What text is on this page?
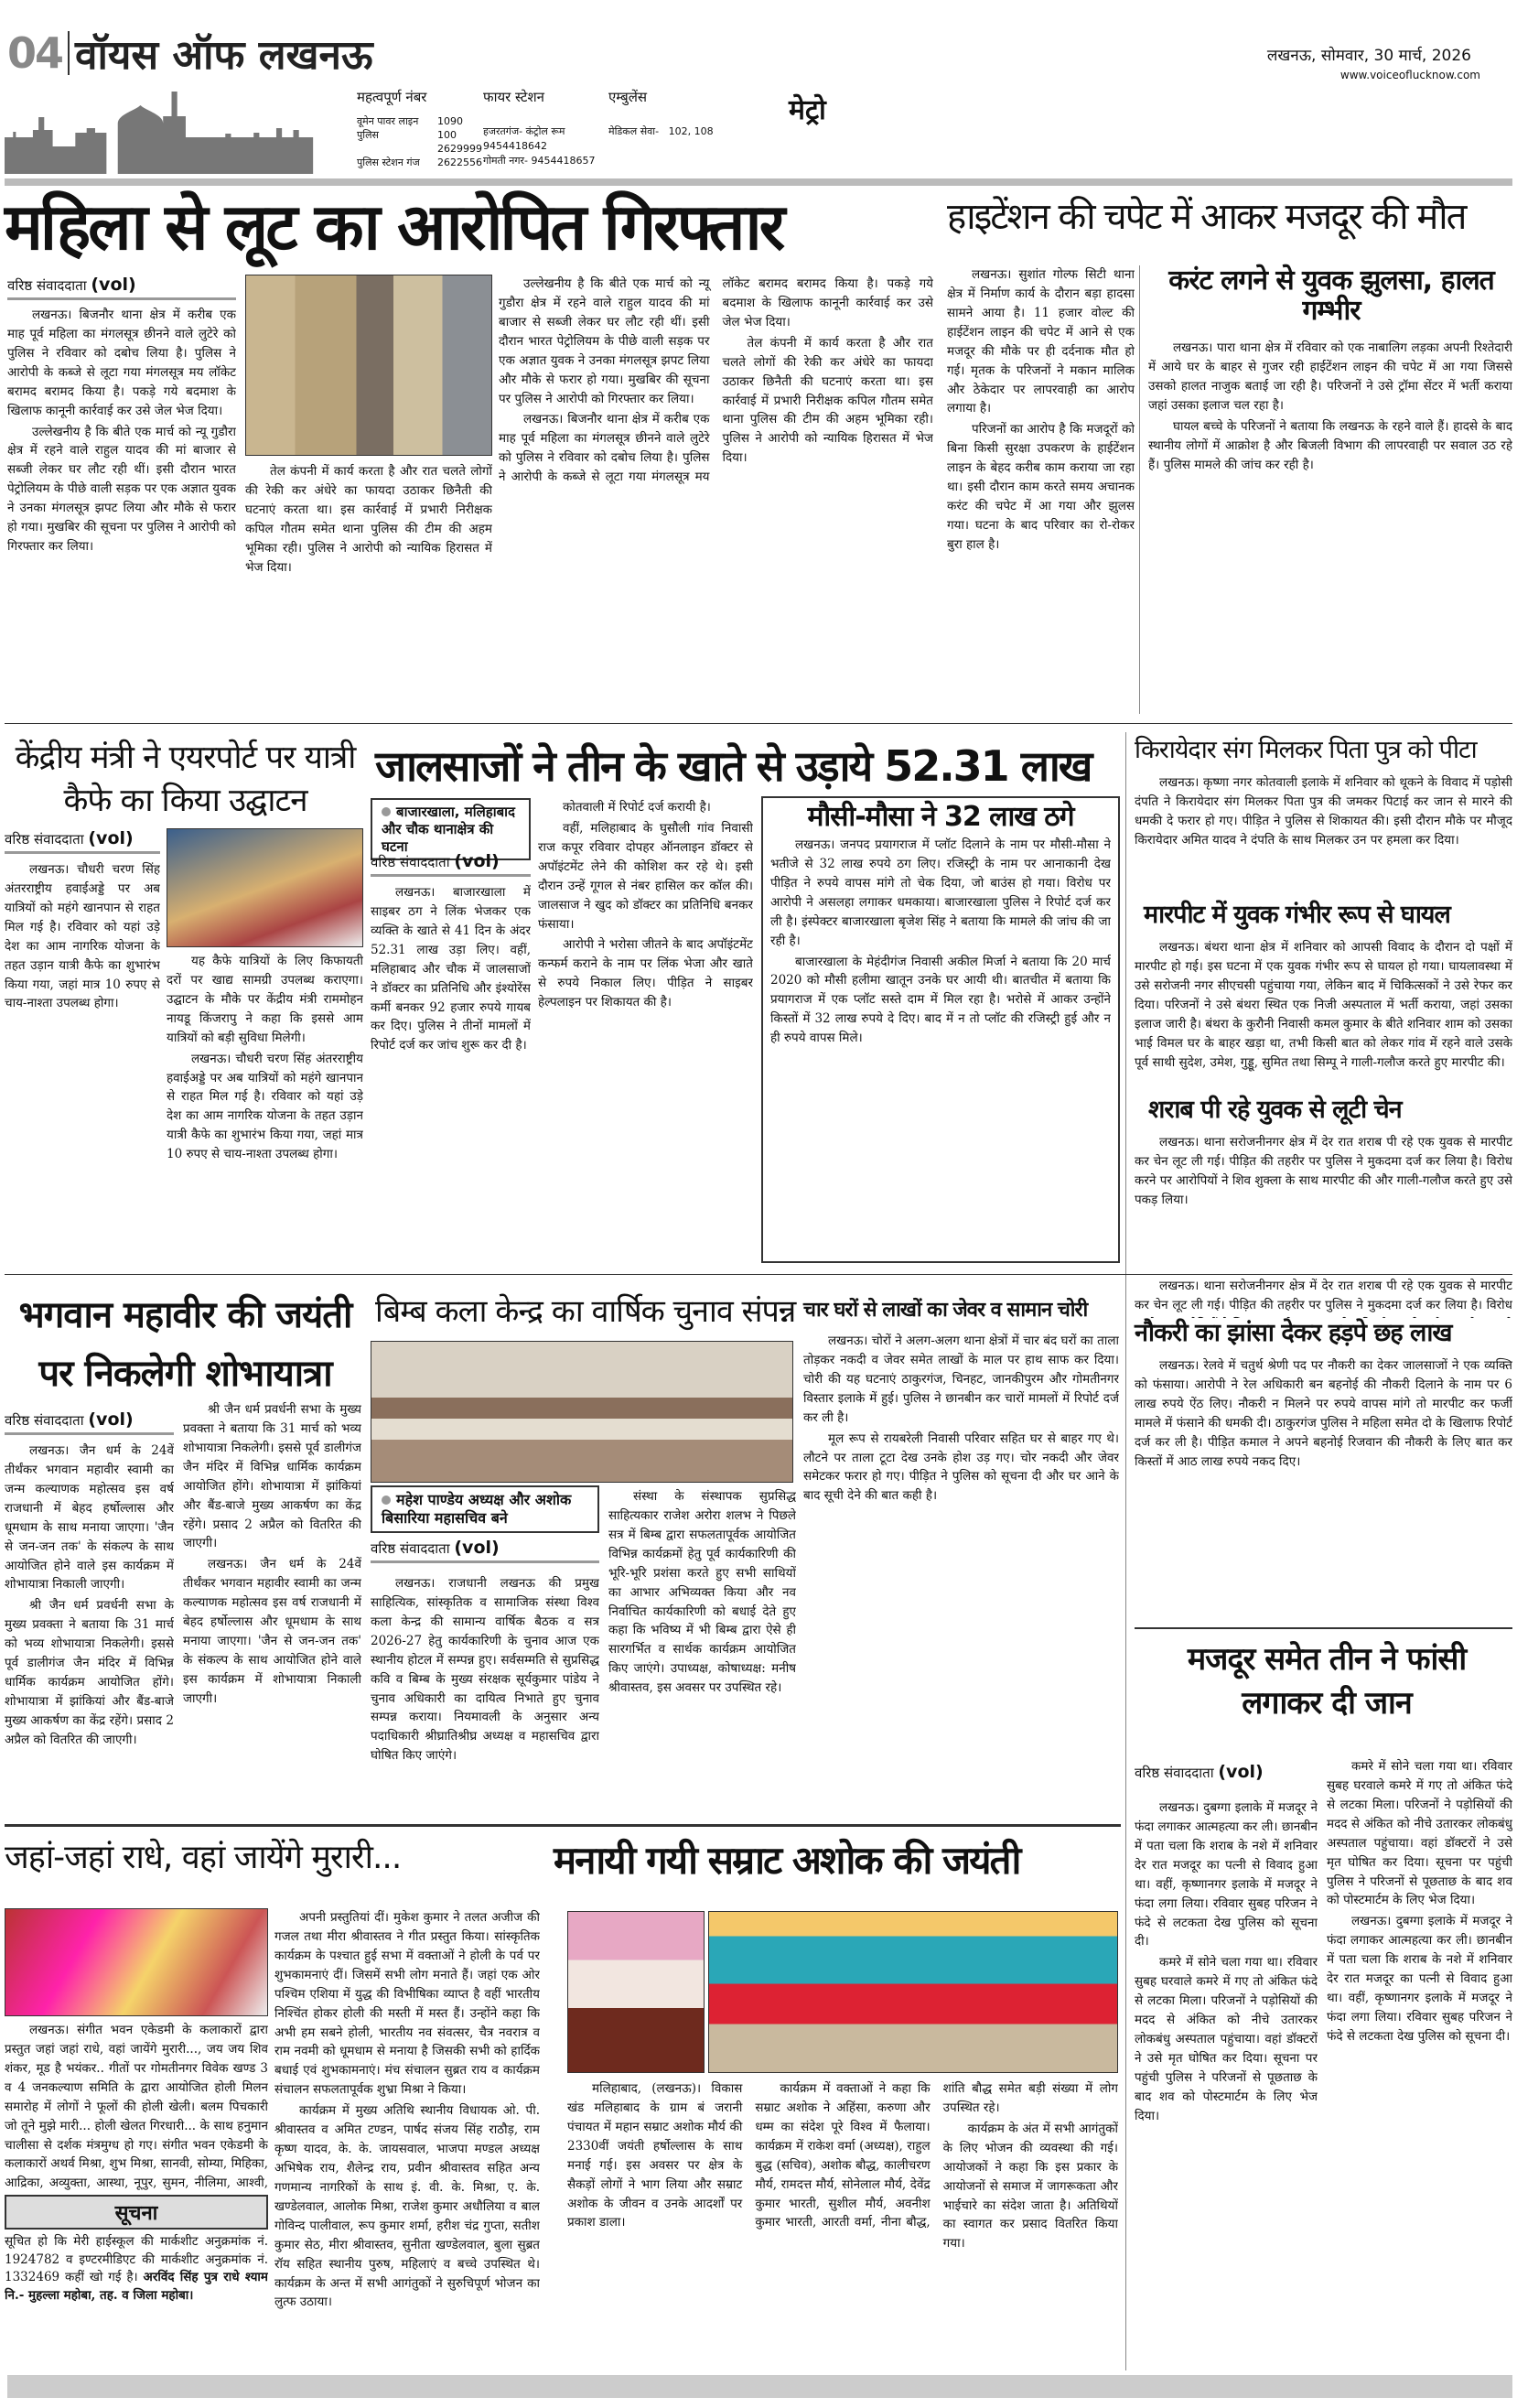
04 वॉयस ऑफ लखनऊ	लखनऊ, सोमवार, 30 मार्च, 2026
www.voiceoflucknow.com
महत्वपूर्ण नंबर
वूमेन पावर लाइन	1090
पुलिस	100
2629999
पुलिस स्टेशन गंज	2622556
फायर स्टेशन
हजरतगंज- कंट्रोल रूम
9454418642
गोमती नगर- 9454418657
एम्बुलेंस
मेडिकल सेवा- 102, 108
मेट्रो
महिला से लूट का आरोपित गिरफ्तार
वरिष्ठ संवाददाता (vol)

लखनऊ। बिजनौर थाना क्षेत्र में करीब एक माह पूर्व महिला का मंगलसूत्र छीनने वाले लुटेरे को पुलिस ने रविवार को दबोच लिया है। पुलिस ने आरोपी के कब्जे से लूटा गया मंगलसूत्र मय लॉकेट बरामद बरामद किया है। पकड़े गये बदमाश के खिलाफ कानूनी कार्रवाई कर उसे जेल भेज दिया।

उल्लेखनीय है कि बीते एक मार्च को न्यू गुडौरा क्षेत्र में रहने वाले राहुल यादव की मां बाजार से सब्जी लेकर घर लौट रही थीं। इसी दौरान भारत पेट्रोलियम के पीछे वाली सड़क पर एक अज्ञात युवक ने उनका मंगलसूत्र झपट लिया और मौके से फरार हो गया। मुखबिर की सूचना पर पुलिस ने आरोपी को गिरफ्तार कर लिया।

तेल कंपनी में कार्य करता है और रात चलते लोगों की रेकी कर अंधेरे का फायदा उठाकर छिनैती की घटनाएं करता था। इस कार्रवाई में प्रभारी निरीक्षक कपिल गौतम समेत थाना पुलिस की टीम की अहम भूमिका रही। पुलिस ने आरोपी को न्यायिक हिरासत में भेज दिया।

उल्लेखनीय है कि बीते एक मार्च को न्यू गुडौरा क्षेत्र में रहने वाले राहुल यादव की मां बाजार से सब्जी लेकर घर लौट रही थीं। इसी दौरान भारत पेट्रोलियम के पीछे वाली सड़क पर एक अज्ञात युवक ने उनका मंगलसूत्र झपट लिया और मौके से फरार हो गया। मुखबिर की सूचना पर पुलिस ने आरोपी को गिरफ्तार कर लिया।

लखनऊ। बिजनौर थाना क्षेत्र में करीब एक माह पूर्व महिला का मंगलसूत्र छीनने वाले लुटेरे को पुलिस ने रविवार को दबोच लिया है। पुलिस ने आरोपी के कब्जे से लूटा गया मंगलसूत्र मय लॉकेट बरामद बरामद किया है। पकड़े गये बदमाश के खिलाफ कानूनी कार्रवाई कर उसे जेल भेज दिया।

तेल कंपनी में कार्य करता है और रात चलते लोगों की रेकी कर अंधेरे का फायदा उठाकर छिनैती की घटनाएं करता था। इस कार्रवाई में प्रभारी निरीक्षक कपिल गौतम समेत थाना पुलिस की टीम की अहम भूमिका रही। पुलिस ने आरोपी को न्यायिक हिरासत में भेज दिया।

हाइटेंशन की चपेट में आकर मजदूर की मौत

लखनऊ। सुशांत गोल्फ सिटी थाना क्षेत्र में निर्माण कार्य के दौरान बड़ा हादसा सामने आया है। 11 हजार वोल्ट की हाईटेंशन लाइन की चपेट में आने से एक मजदूर की मौके पर ही दर्दनाक मौत हो गई। मृतक के परिजनों ने मकान मालिक और ठेकेदार पर लापरवाही का आरोप लगाया है।

परिजनों का आरोप है कि मजदूरों को बिना किसी सुरक्षा उपकरण के हाईटेंशन लाइन के बेहद करीब काम कराया जा रहा था। इसी दौरान काम करते समय अचानक करंट की चपेट में आ गया और झुलस गया। घटना के बाद परिवार का रो-रोकर बुरा हाल है।

करंट लगने से युवक झुलसा, हालत गम्भीर

लखनऊ। पारा थाना क्षेत्र में रविवार को एक नाबालिग लड़का अपनी रिश्तेदारी में आये घर के बाहर से गुजर रही हाईटेंशन लाइन की चपेट में आ गया जिससे उसको हालत नाजुक बताई जा रही है। परिजनों ने उसे ट्रॉमा सेंटर में भर्ती कराया जहां उसका इलाज चल रहा है।

घायल बच्चे के परिजनों ने बताया कि लखनऊ के रहने वाले हैं। हादसे के बाद स्थानीय लोगों में आक्रोश है और बिजली विभाग की लापरवाही पर सवाल उठ रहे हैं। पुलिस मामले की जांच कर रही है।

केंद्रीय मंत्री ने एयरपोर्ट पर यात्री कैफे का किया उद्घाटन
वरिष्ठ संवाददाता (vol)

लखनऊ। चौधरी चरण सिंह अंतरराष्ट्रीय हवाईअड्डे पर अब यात्रियों को महंगे खानपान से राहत मिल गई है। रविवार को यहां उड़े देश का आम नागरिक योजना के तहत उड़ान यात्री कैफे का शुभारंभ किया गया, जहां मात्र 10 रुपए से चाय-नाश्ता उपलब्ध होगा।

यह कैफे यात्रियों के लिए किफायती दरों पर खाद्य सामग्री उपलब्ध कराएगा। उद्घाटन के मौके पर केंद्रीय मंत्री राममोहन नायडू किंजरापु ने कहा कि इससे आम यात्रियों को बड़ी सुविधा मिलेगी।

लखनऊ। चौधरी चरण सिंह अंतरराष्ट्रीय हवाईअड्डे पर अब यात्रियों को महंगे खानपान से राहत मिल गई है। रविवार को यहां उड़े देश का आम नागरिक योजना के तहत उड़ान यात्री कैफे का शुभारंभ किया गया, जहां मात्र 10 रुपए से चाय-नाश्ता उपलब्ध होगा।

जालसाजों ने तीन के खाते से उड़ाये 52.31 लाख
बाजारखाला, मलिहाबाद और चौक थानाक्षेत्र की घटना
वरिष्ठ संवाददाता (vol)

लखनऊ। बाजारखाला में साइबर ठग ने लिंक भेजकर एक व्यक्ति के खाते से 41 दिन के अंदर 52.31 लाख उड़ा लिए। वहीं, मलिहाबाद और चौक में जालसाजों ने डॉक्टर का प्रतिनिधि और इंश्योरेंस कर्मी बनकर 92 हजार रुपये गायब कर दिए। पुलिस ने तीनों मामलों में रिपोर्ट दर्ज कर जांच शुरू कर दी है।

कोतवाली में रिपोर्ट दर्ज करायी है।

वहीं, मलिहाबाद के घुसौली गांव निवासी राज कपूर रविवार दोपहर ऑनलाइन डॉक्टर से अपॉइंटमेंट लेने की कोशिश कर रहे थे। इसी दौरान उन्हें गूगल से नंबर हासिल कर कॉल की। जालसाज ने खुद को डॉक्टर का प्रतिनिधि बनकर फंसाया।

आरोपी ने भरोसा जीतने के बाद अपॉइंटमेंट कन्फर्म कराने के नाम पर लिंक भेजा और खाते से रुपये निकाल लिए। पीड़ित ने साइबर हेल्पलाइन पर शिकायत की है।

मौसी-मौसा ने 32 लाख ठगे

लखनऊ। जनपद प्रयागराज में प्लॉट दिलाने के नाम पर मौसी-मौसा ने भतीजे से 32 लाख रुपये ठग लिए। रजिस्ट्री के नाम पर आनाकानी देख पीड़ित ने रुपये वापस मांगे तो चेक दिया, जो बाउंस हो गया। विरोध पर आरोपी ने असलहा लगाकर धमकाया। बाजारखाला पुलिस ने रिपोर्ट दर्ज कर ली है। इंस्पेक्टर बाजारखाला बृजेश सिंह ने बताया कि मामले की जांच की जा रही है।

बाजारखाला के मेहंदीगंज निवासी अकील मिर्जा ने बताया कि 20 मार्च 2020 को मौसी हलीमा खातून उनके घर आयी थी। बातचीत में बताया कि प्रयागराज में एक प्लॉट सस्ते दाम में मिल रहा है। भरोसे में आकर उन्होंने किस्तों में 32 लाख रुपये दे दिए। बाद में न तो प्लॉट की रजिस्ट्री हुई और न ही रुपये वापस मिले।

किरायेदार संग मिलकर पिता पुत्र को पीटा

लखनऊ। कृष्णा नगर कोतवाली इलाके में शनिवार को थूकने के विवाद में पड़ोसी दंपति ने किरायेदार संग मिलकर पिता पुत्र की जमकर पिटाई कर जान से मारने की धमकी दे फरार हो गए। पीड़ित ने पुलिस से शिकायत की। इसी दौरान मौके पर मौजूद किरायेदार अमित यादव ने दंपति के साथ मिलकर उन पर हमला कर दिया।

मारपीट में युवक गंभीर रूप से घायल

लखनऊ। बंथरा थाना क्षेत्र में शनिवार को आपसी विवाद के दौरान दो पक्षों में मारपीट हो गई। इस घटना में एक युवक गंभीर रूप से घायल हो गया। घायलावस्था में उसे सरोजनी नगर सीएचसी पहुंचाया गया, लेकिन बाद में चिकित्सकों ने उसे रेफर कर दिया। परिजनों ने उसे बंथरा स्थित एक निजी अस्पताल में भर्ती कराया, जहां उसका इलाज जारी है। बंथरा के कुरौनी निवासी कमल कुमार के बीते शनिवार शाम को उसका भाई विमल घर के बाहर खड़ा था, तभी किसी बात को लेकर गांव में रहने वाले उसके पूर्व साथी सुदेश, उमेश, गुड्डू, सुमित तथा सिम्पू ने गाली-गलौज करते हुए मारपीट की।

शराब पी रहे युवक से लूटी चेन

लखनऊ। थाना सरोजनीनगर क्षेत्र में देर रात शराब पी रहे एक युवक से मारपीट कर चेन लूट ली गई। पीड़ित की तहरीर पर पुलिस ने मुकदमा दर्ज कर लिया है। विरोध करने पर आरोपियों ने शिव शुक्ला के साथ मारपीट की और गाली-गलौज करते हुए उसे पकड़ लिया।

भगवान महावीर की जयंती पर निकलेगी शोभायात्रा
वरिष्ठ संवाददाता (vol)

लखनऊ। जैन धर्म के 24वें तीर्थंकर भगवान महावीर स्वामी का जन्म कल्याणक महोत्सव इस वर्ष राजधानी में बेहद हर्षोल्लास और धूमधाम के साथ मनाया जाएगा। 'जैन से जन-जन तक' के संकल्प के साथ आयोजित होने वाले इस कार्यक्रम में शोभायात्रा निकाली जाएगी।

श्री जैन धर्म प्रवर्धनी सभा के मुख्य प्रवक्ता ने बताया कि 31 मार्च को भव्य शोभायात्रा निकलेगी। इससे पूर्व डालीगंज जैन मंदिर में विभिन्न धार्मिक कार्यक्रम आयोजित होंगे। शोभायात्रा में झांकियां और बैंड-बाजे मुख्य आकर्षण का केंद्र रहेंगे। प्रसाद 2 अप्रैल को वितरित की जाएगी।

श्री जैन धर्म प्रवर्धनी सभा के मुख्य प्रवक्ता ने बताया कि 31 मार्च को भव्य शोभायात्रा निकलेगी। इससे पूर्व डालीगंज जैन मंदिर में विभिन्न धार्मिक कार्यक्रम आयोजित होंगे। शोभायात्रा में झांकियां और बैंड-बाजे मुख्य आकर्षण का केंद्र रहेंगे। प्रसाद 2 अप्रैल को वितरित की जाएगी।

लखनऊ। जैन धर्म के 24वें तीर्थंकर भगवान महावीर स्वामी का जन्म कल्याणक महोत्सव इस वर्ष राजधानी में बेहद हर्षोल्लास और धूमधाम के साथ मनाया जाएगा। 'जैन से जन-जन तक' के संकल्प के साथ आयोजित होने वाले इस कार्यक्रम में शोभायात्रा निकाली जाएगी।

बिम्ब कला केन्द्र का वार्षिक चुनाव संपन्न
महेश पाण्डेय अध्यक्ष और अशोक बिसारिया महासचिव बने
वरिष्ठ संवाददाता (vol)

लखनऊ। राजधानी लखनऊ की प्रमुख साहित्यिक, सांस्कृतिक व सामाजिक संस्था विश्व कला केन्द्र की सामान्य वार्षिक बैठक व सत्र 2026-27 हेतु कार्यकारिणी के चुनाव आज एक स्थानीय होटल में सम्पन्न हुए। सर्वसम्मति से सुप्रसिद्ध कवि व बिम्ब के मुख्य संरक्षक सूर्यकुमार पांडेय ने चुनाव अधिकारी का दायित्व निभाते हुए चुनाव सम्पन्न कराया। नियमावली के अनुसार अन्य पदाधिकारी श्रीघ्रातिश्रीघ्र अध्यक्ष व महासचिव द्वारा घोषित किए जाएंगे।

संस्था के संस्थापक सुप्रसिद्ध साहित्यकार राजेश अरोरा शलभ ने पिछले सत्र में बिम्ब द्वारा सफलतापूर्वक आयोजित विभिन्न कार्यक्रमों हेतु पूर्व कार्यकारिणी की भूरि-भूरि प्रशंसा करते हुए सभी साथियों का आभार अभिव्यक्त किया और नव निर्वाचित कार्यकारिणी को बधाई देते हुए कहा कि भविष्य में भी बिम्ब द्वारा ऐसे ही सारगर्भित व सार्थक कार्यक्रम आयोजित किए जाएंगे। उपाध्यक्ष, कोषाध्यक्ष: मनीष श्रीवास्तव, इस अवसर पर उपस्थित रहे।

चार घरों से लाखों का जेवर व सामान चोरी

लखनऊ। चोरों ने अलग-अलग थाना क्षेत्रों में चार बंद घरों का ताला तोड़कर नकदी व जेवर समेत लाखों के माल पर हाथ साफ कर दिया। चोरी की यह घटनाएं ठाकुरगंज, चिनहट, जानकीपुरम और गोमतीनगर विस्तार इलाके में हुई। पुलिस ने छानबीन कर चारों मामलों में रिपोर्ट दर्ज कर ली है।

मूल रूप से रायबरेली निवासी परिवार सहित घर से बाहर गए थे। लौटने पर ताला टूटा देख उनके होश उड़ गए। चोर नकदी और जेवर समेटकर फरार हो गए। पीड़ित ने पुलिस को सूचना दी और घर आने के बाद सूची देने की बात कही है।

लखनऊ। थाना सरोजनीनगर क्षेत्र में देर रात शराब पी रहे एक युवक से मारपीट कर चेन लूट ली गई। पीड़ित की तहरीर पर पुलिस ने मुकदमा दर्ज कर लिया है। विरोध

नौकरी का झांसा देकर हड़पे छह लाख

लखनऊ। रेलवे में चतुर्थ श्रेणी पद पर नौकरी का देकर जालसाजों ने एक व्यक्ति को फंसाया। आरोपी ने रेल अधिकारी बन बहनोई की नौकरी दिलाने के नाम पर 6 लाख रुपये ऐंठ लिए। नौकरी न मिलने पर रुपये वापस मांगे तो मारपीट कर फर्जी मामले में फंसाने की धमकी दी। ठाकुरगंज पुलिस ने महिला समेत दो के खिलाफ रिपोर्ट दर्ज कर ली है। पीड़ित कमाल ने अपने बहनोई रिजवान की नौकरी के लिए बात कर किस्तों में आठ लाख रुपये नकद दिए।

मजदूर समेत तीन ने फांसी लगाकर दी जान
वरिष्ठ संवाददाता (vol)

लखनऊ। दुबग्गा इलाके में मजदूर ने फंदा लगाकर आत्महत्या कर ली। छानबीन में पता चला कि शराब के नशे में शनिवार देर रात मजदूर का पत्नी से विवाद हुआ था। वहीं, कृष्णानगर इलाके में मजदूर ने फंदा लगा लिया। रविवार सुबह परिजन ने फंदे से लटकता देख पुलिस को सूचना दी।

कमरे में सोने चला गया था। रविवार सुबह घरवाले कमरे में गए तो अंकित फंदे से लटका मिला। परिजनों ने पड़ोसियों की मदद से अंकित को नीचे उतारकर लोकबंधु अस्पताल पहुंचाया। वहां डॉक्टरों ने उसे मृत घोषित कर दिया। सूचना पर पहुंची पुलिस ने परिजनों से पूछताछ के बाद शव को पोस्टमार्टम के लिए भेज दिया।

कमरे में सोने चला गया था। रविवार सुबह घरवाले कमरे में गए तो अंकित फंदे से लटका मिला। परिजनों ने पड़ोसियों की मदद से अंकित को नीचे उतारकर लोकबंधु अस्पताल पहुंचाया। वहां डॉक्टरों ने उसे मृत घोषित कर दिया। सूचना पर पहुंची पुलिस ने परिजनों से पूछताछ के बाद शव को पोस्टमार्टम के लिए भेज दिया।

लखनऊ। दुबग्गा इलाके में मजदूर ने फंदा लगाकर आत्महत्या कर ली। छानबीन में पता चला कि शराब के नशे में शनिवार देर रात मजदूर का पत्नी से विवाद हुआ था। वहीं, कृष्णानगर इलाके में मजदूर ने फंदा लगा लिया। रविवार सुबह परिजन ने फंदे से लटकता देख पुलिस को सूचना दी।

जहां-जहां राधे, वहां जायेंगे मुरारी...

अपनी प्रस्तुतियां दीं। मुकेश कुमार ने तलत अजीज की गजल तथा मीरा श्रीवास्तव ने गीत प्रस्तुत किया। सांस्कृतिक कार्यक्रम के पश्चात हुई सभा में वक्ताओं ने होली के पर्व पर शुभकामनाएं दीं। जिसमें सभी लोग मनाते हैं। जहां एक ओर पश्चिम एशिया में युद्ध की विभीषिका व्याप्त है वहीं भारतीय निश्चिंत होकर होली की मस्ती में मस्त हैं। उन्होंने कहा कि अभी हम सबने होली, भारतीय नव संवत्सर, चैत्र नवरात्र व राम नवमी को धूमधाम से मनाया है जिसकी सभी को हार्दिक बधाई एवं शुभकामनाएं। मंच संचालन सुब्रत राय व कार्यक्रम संचालन सफलतापूर्वक शुभ्रा मिश्रा ने किया।

कार्यक्रम में मुख्य अतिथि स्थानीय विधायक ओ. पी. श्रीवास्तव व अमित टण्डन, पार्षद संजय सिंह राठौड़, राम कृष्ण यादव, के. के. जायसवाल, भाजपा मण्डल अध्यक्ष अभिषेक राय, शैलेन्द्र राय, प्रवीन श्रीवास्तव सहित अन्य गणमान्य नागरिकों के साथ इं. वी. के. मिश्रा, ए. के. खण्डेलवाल, आलोक मिश्रा, राजेश कुमार अधौलिया व बाल गोविन्द पालीवाल, रूप कुमार शर्मा, हरीश चंद्र गुप्ता, सतीश कुमार सेठ, मीरा श्रीवास्तव, सुनीता खण्डेलवाल, बुला सुब्रत रॉय सहित स्थानीय पुरुष, महिलाएं व बच्चे उपस्थित थे। कार्यक्रम के अन्त में सभी आगंतुकों ने सुरुचिपूर्ण भोजन का लुत्फ उठाया।

लखनऊ। संगीत भवन एकेडमी के कलाकारों द्वारा प्रस्तुत जहां जहां राधे, वहां जायेंगे मुरारी..., जय जय शिव शंकर, मूड है भयंकर.. गीतों पर गोमतीनगर विवेक खण्ड 3 व 4 जनकल्याण समिति के द्वारा आयोजित होली मिलन समारोह में लोगों ने फूलों की होली खेली। बलम पिचकारी जो तूने मुझे मारी... होली खेलत गिरधारी... के साथ हनुमान चालीसा से दर्शक मंत्रमुग्ध हो गए। संगीत भवन एकेडमी के कलाकारों अथर्व मिश्रा, शुभ मिश्रा, सानवी, सोम्या, मिहिका, आद्रिका, अव्युक्ता, आस्था, नूपुर, सुमन, नीलिमा, आश्वी,

सूचना
सूचित हो कि मेरी हाईस्कूल की मार्कशीट अनुक्रमांक नं. 1924782 व इण्टरमीडिएट की मार्कशीट अनुक्रमांक नं. 1332469 कहीं खो गई है। अरविंद सिंह पुत्र राधे श्याम नि.- मुहल्ला महोबा, तह. व जिला महोबा।
मनायी गयी सम्राट अशोक की जयंती

मलिहाबाद, (लखनऊ)। विकास खंड मलिहाबाद के ग्राम बं जरानी पंचायत में महान सम्राट अशोक मौर्य की 2330वीं जयंती हर्षोल्लास के साथ मनाई गई। इस अवसर पर क्षेत्र के सैकड़ों लोगों ने भाग लिया और सम्राट अशोक के जीवन व उनके आदर्शों पर प्रकाश डाला।

कार्यक्रम में वक्ताओं ने कहा कि सम्राट अशोक ने अहिंसा, करुणा और धम्म का संदेश पूरे विश्व में फैलाया। कार्यक्रम में राकेश वर्मा (अध्यक्ष), राहुल बुद्ध (सचिव), अशोक बौद्ध, कालीचरण मौर्य, रामदत्त मौर्य, सोनेलाल मौर्य, देवेंद्र कुमार भारती, सुशील मौर्य, अवनीश कुमार भारती, आरती वर्मा, नीना बौद्ध, शांति बौद्ध समेत बड़ी संख्या में लोग उपस्थित रहे।

कार्यक्रम के अंत में सभी आगंतुकों के लिए भोजन की व्यवस्था की गई। आयोजकों ने कहा कि इस प्रकार के आयोजनों से समाज में जागरूकता और भाईचारे का संदेश जाता है। अतिथियों का स्वागत कर प्रसाद वितरित किया गया।
